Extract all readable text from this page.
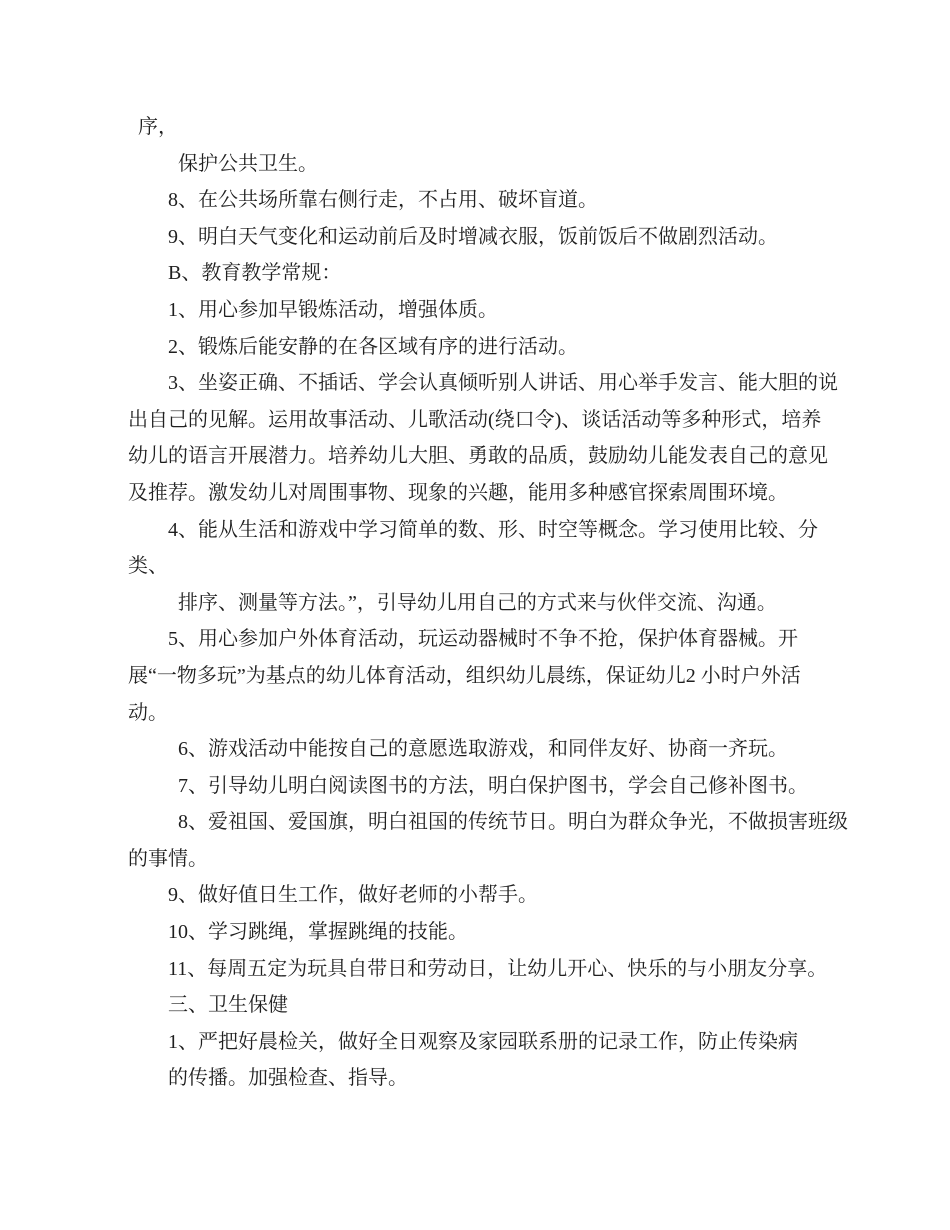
序，
保护公共卫生。
8、在公共场所靠右侧行走，不占用、破坏盲道。
9、明白天气变化和运动前后及时增减衣服，饭前饭后不做剧烈活动。
B、教育教学常规：
1、用心参加早锻炼活动，增强体质。
2、锻炼后能安静的在各区域有序的进行活动。
3、坐姿正确、不插话、学会认真倾听别人讲话、用心举手发言、能大胆的说
出自己的见解。运用故事活动、儿歌活动(绕口令)、谈话活动等多种形式，培养
幼儿的语言开展潜力。培养幼儿大胆、勇敢的品质，鼓励幼儿能发表自己的意见
及推荐。激发幼儿对周围事物、现象的兴趣，能用多种感官探索周围环境。
4、能从生活和游戏中学习简单的数、形、时空等概念。学习使用比较、分
类、
排序、测量等方法。”，引导幼儿用自己的方式来与伙伴交流、沟通。
5、用心参加户外体育活动，玩运动器械时不争不抢，保护体育器械。开
展“一物多玩”为基点的幼儿体育活动，组织幼儿晨练，保证幼儿2 小时户外活
动。
6、游戏活动中能按自己的意愿选取游戏，和同伴友好、协商一齐玩。
7、引导幼儿明白阅读图书的方法，明白保护图书，学会自己修补图书。
8、爱祖国、爱国旗，明白祖国的传统节日。明白为群众争光，不做损害班级
的事情。
9、做好值日生工作，做好老师的小帮手。
10、学习跳绳，掌握跳绳的技能。
11、每周五定为玩具自带日和劳动日，让幼儿开心、快乐的与小朋友分享。
三、卫生保健
1、严把好晨检关，做好全日观察及家园联系册的记录工作，防止传染病
的传播。加强检查、指导。
